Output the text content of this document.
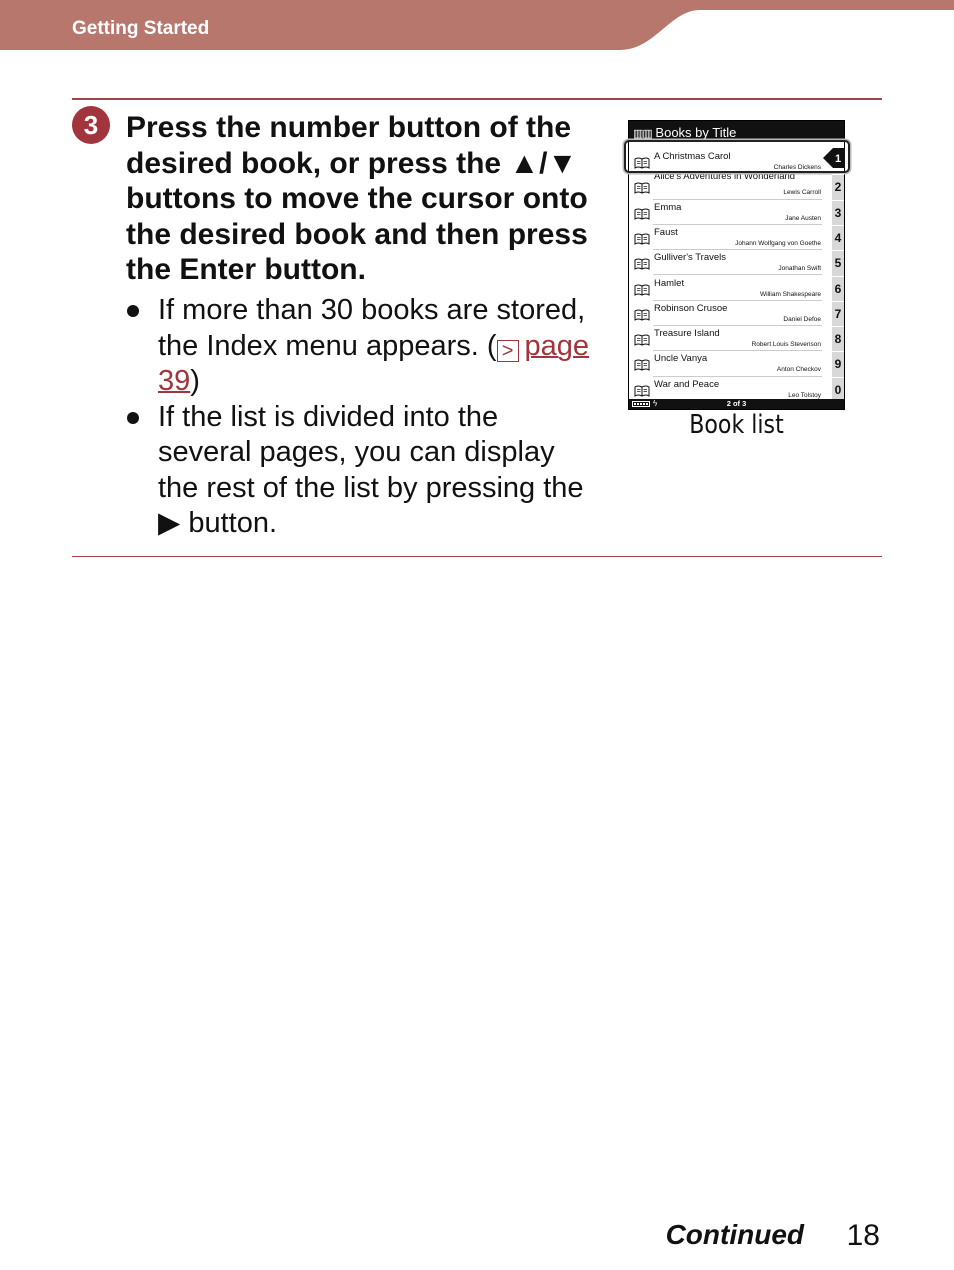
Getting Started
3 Press the number button of the desired book, or press the ▲/▼ buttons to move the cursor onto the desired book and then press the Enter button.
If more than 30 books are stored, the Index menu appears. ( > page 39)
If the list is divided into the several pages, you can display the rest of the list by pressing the ▶ button.
▥▥ Books by Title
A Christmas Carol
Charles Dickens
Alice's Adventures in Wonderland
Lewis Carroll
Emma
Jane Austen
Faust
Johann Wolfgang von Goethe
Gulliver's Travels
Jonathan Swift
Hamlet
William Shakespeare
Robinson Crusoe
Daniel Defoe
Treasure Island
Robert Louis Stevenson
Uncle Vanya
Anton Checkov
War and Peace
Leo Tolstoy
1
ϟ	2 of 3
2
3
4
5
6
7
8
9
0
Book list
Continued 18
